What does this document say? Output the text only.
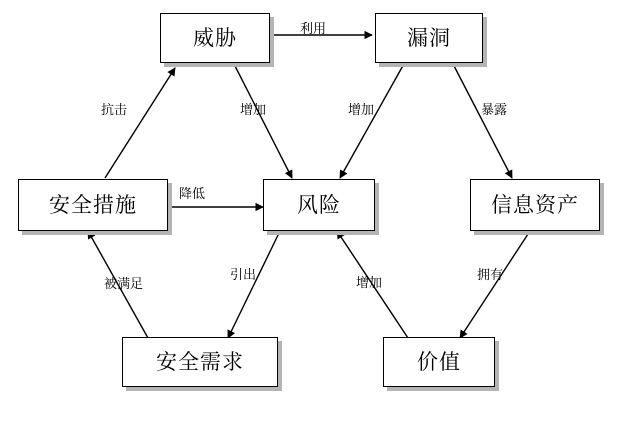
威胁	漏洞
安全措施	风险	信息资产
安全需求	价值
利用
抗击	增加	增加	暴露
降低
被满足
引出
增加
拥有
